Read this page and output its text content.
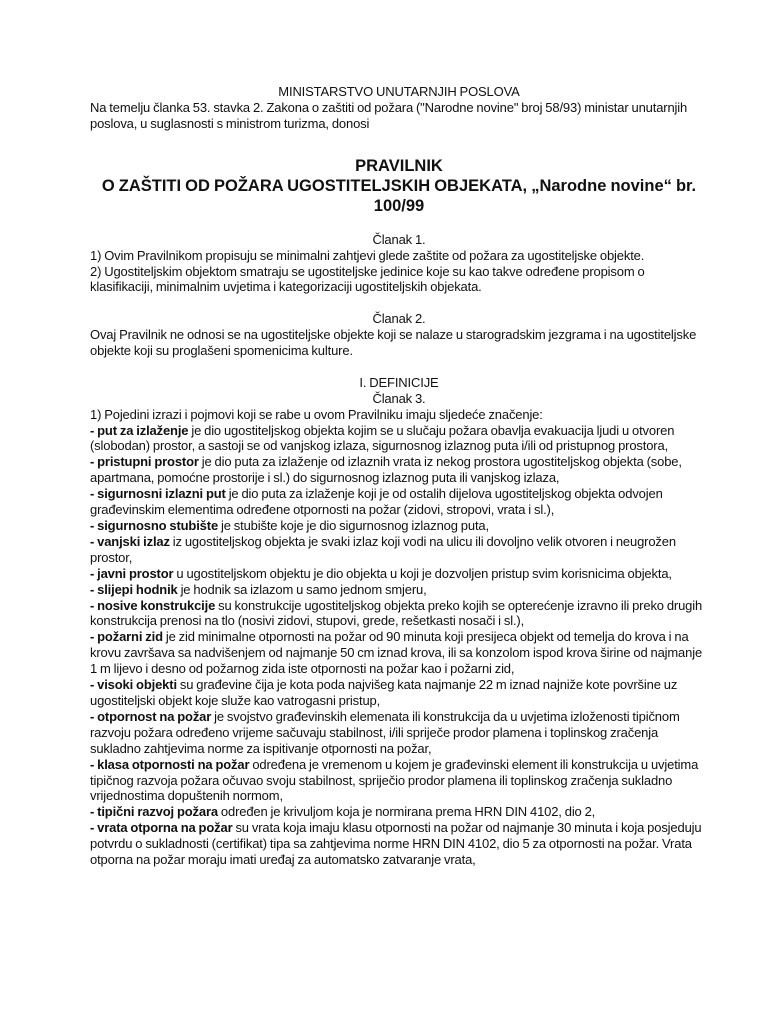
MINISTARSTVO UNUTARNJIH POSLOVA

Na temelju članka 53. stavka 2. Zakona o zaštiti od požara ("Narodne novine" broj 58/93) ministar unutarnjih poslova, u suglasnosti s ministrom turizma, donosi

PRAVILNIK
O ZAŠTITI OD POŽARA UGOSTITELJSKIH OBJEKATA, „Narodne novine“ br.
100/99
Članak 1.

1) Ovim Pravilnikom propisuju se minimalni zahtjevi glede zaštite od požara za ugostiteljske objekte.

2) Ugostiteljskim objektom smatraju se ugostiteljske jedinice koje su kao takve određene propisom o klasifikaciji, minimalnim uvjetima i kategorizaciji ugostiteljskih objekata.

Članak 2.

Ovaj Pravilnik ne odnosi se na ugostiteljske objekte koji se nalaze u starogradskim jezgrama i na ugostiteljske objekte koji su proglašeni spomenicima kulture.

I. DEFINICIJE
Članak 3.

1) Pojedini izrazi i pojmovi koji se rabe u ovom Pravilniku imaju sljedeće značenje:

- put za izlaženje je dio ugostiteljskog objekta kojim se u slučaju požara obavlja evakuacija ljudi u otvoren (slobodan) prostor, a sastoji se od vanjskog izlaza, sigurnosnog izlaznog puta i/ili od pristupnog prostora,

- pristupni prostor je dio puta za izlaženje od izlaznih vrata iz nekog prostora ugostiteljskog objekta (sobe, apartmana, pomoćne prostorije i sl.) do sigurnosnog izlaznog puta ili vanjskog izlaza,

- sigurnosni izlazni put je dio puta za izlaženje koji je od ostalih dijelova ugostiteljskog objekta odvojen građevinskim elementima određene otpornosti na požar (zidovi, stropovi, vrata i sl.),

- sigurnosno stubište je stubište koje je dio sigurnosnog izlaznog puta,

- vanjski izlaz iz ugostiteljskog objekta je svaki izlaz koji vodi na ulicu ili dovoljno velik otvoren i neugrožen prostor,

- javni prostor u ugostiteljskom objektu je dio objekta u koji je dozvoljen pristup svim korisnicima objekta,

- slijepi hodnik je hodnik sa izlazom u samo jednom smjeru,

- nosive konstrukcije su konstrukcije ugostiteljskog objekta preko kojih se opterećenje izravno ili preko drugih konstrukcija prenosi na tlo (nosivi zidovi, stupovi, grede, rešetkasti nosači i sl.),

- požarni zid je zid minimalne otpornosti na požar od 90 minuta koji presijeca objekt od temelja do krova i na krovu završava sa nadvišenjem od najmanje 50 cm iznad krova, ili sa konzolom ispod krova širine od najmanje 1 m lijevo i desno od požarnog zida iste otpornosti na požar kao i požarni zid,

- visoki objekti su građevine čija je kota poda najvišeg kata najmanje 22 m iznad najniže kote površine uz ugostiteljski objekt koje služe kao vatrogasni pristup,

- otpornost na požar je svojstvo građevinskih elemenata ili konstrukcija da u uvjetima izloženosti tipičnom razvoju požara određeno vrijeme sačuvaju stabilnost, i/ili spriječe prodor plamena i toplinskog zračenja sukladno zahtjevima norme za ispitivanje otpornosti na požar,

- klasa otpornosti na požar određena je vremenom u kojem je građevinski element ili konstrukcija u uvjetima tipičnog razvoja požara očuvao svoju stabilnost, spriječio prodor plamena ili toplinskog zračenja sukladno vrijednostima dopuštenih normom,

- tipični razvoj požara određen je krivuljom koja je normirana prema HRN DIN 4102, dio 2,

- vrata otporna na požar su vrata koja imaju klasu otpornosti na požar od najmanje 30 minuta i koja posjeduju potvrdu o sukladnosti (certifikat) tipa sa zahtjevima norme HRN DIN 4102, dio 5 za otpornosti na požar. Vrata otporna na požar moraju imati uređaj za automatsko zatvaranje vrata,
